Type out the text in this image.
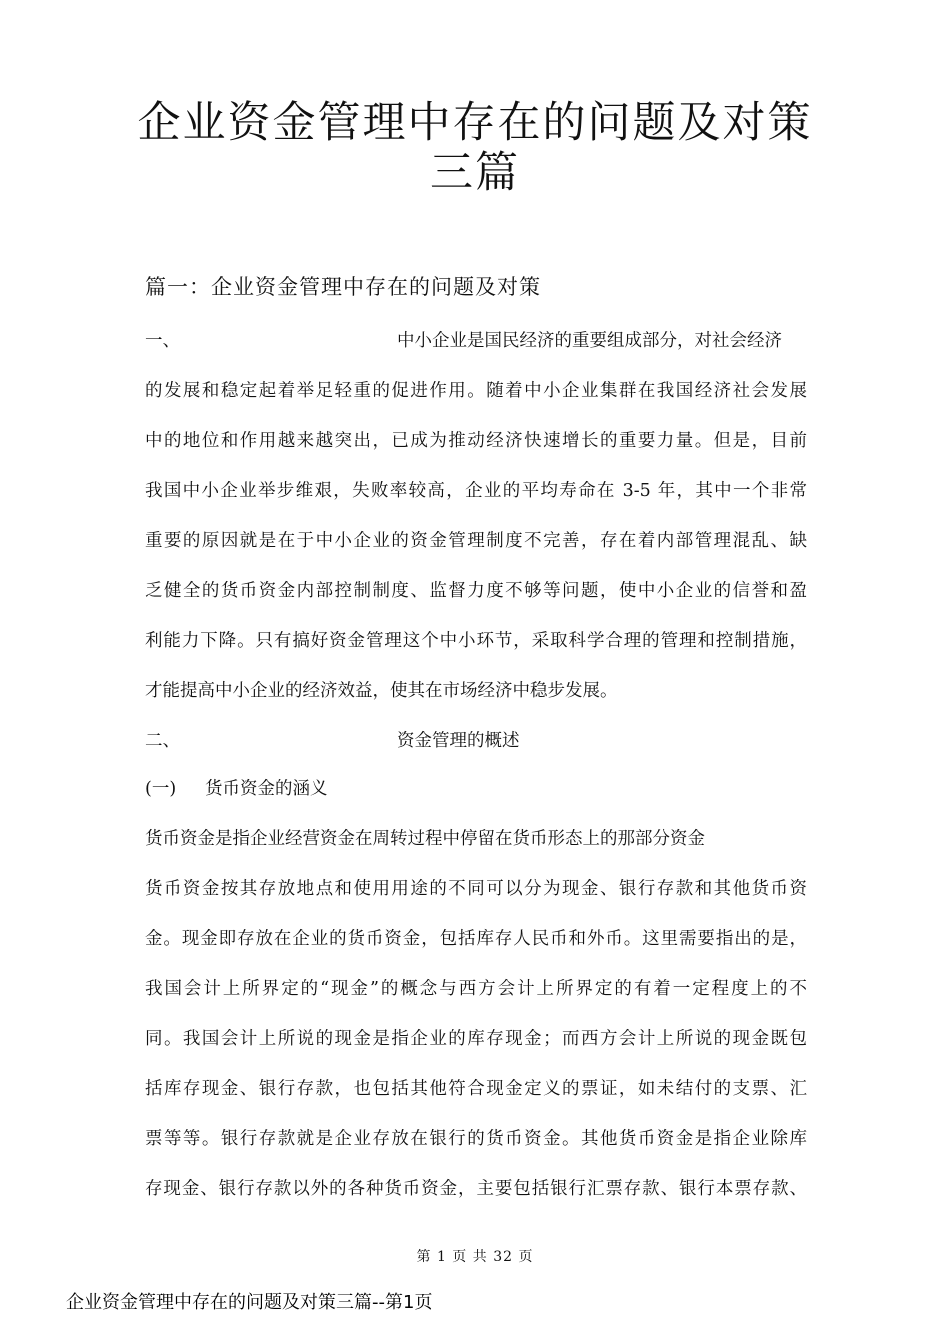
企业资金管理中存在的问题及对策
三篇
篇一：企业资金管理中存在的问题及对策
一、	中小企业是国民经济的重要组成部分，对社会经济
的发展和稳定起着举足轻重的促进作用。随着中小企业集群在我国经济社会发展
中的地位和作用越来越突出，已成为推动经济快速增长的重要力量。但是，目前
我国中小企业举步维艰，失败率较高，企业的平均寿命在 3-5 年，其中一个非常
重要的原因就是在于中小企业的资金管理制度不完善，存在着内部管理混乱、缺
乏健全的货币资金内部控制制度、监督力度不够等问题，使中小企业的信誉和盈
利能力下降。只有搞好资金管理这个中小环节，采取科学合理的管理和控制措施，
才能提高中小企业的经济效益，使其在市场经济中稳步发展。
二、	资金管理的概述
(一) 货币资金的涵义
货币资金是指企业经营资金在周转过程中停留在货币形态上的那部分资金
货币资金按其存放地点和使用用途的不同可以分为现金、银行存款和其他货币资
金。现金即存放在企业的货币资金，包括库存人民币和外币。这里需要指出的是，
我国会计上所界定的“现金”的概念与西方会计上所界定的有着一定程度上的不
同。我国会计上所说的现金是指企业的库存现金；而西方会计上所说的现金既包
括库存现金、银行存款，也包括其他符合现金定义的票证，如未结付的支票、汇
票等等。银行存款就是企业存放在银行的货币资金。其他货币资金是指企业除库
存现金、银行存款以外的各种货币资金，主要包括银行汇票存款、银行本票存款、
第 1 页 共 32 页
企业资金管理中存在的问题及对策三篇--第1页
